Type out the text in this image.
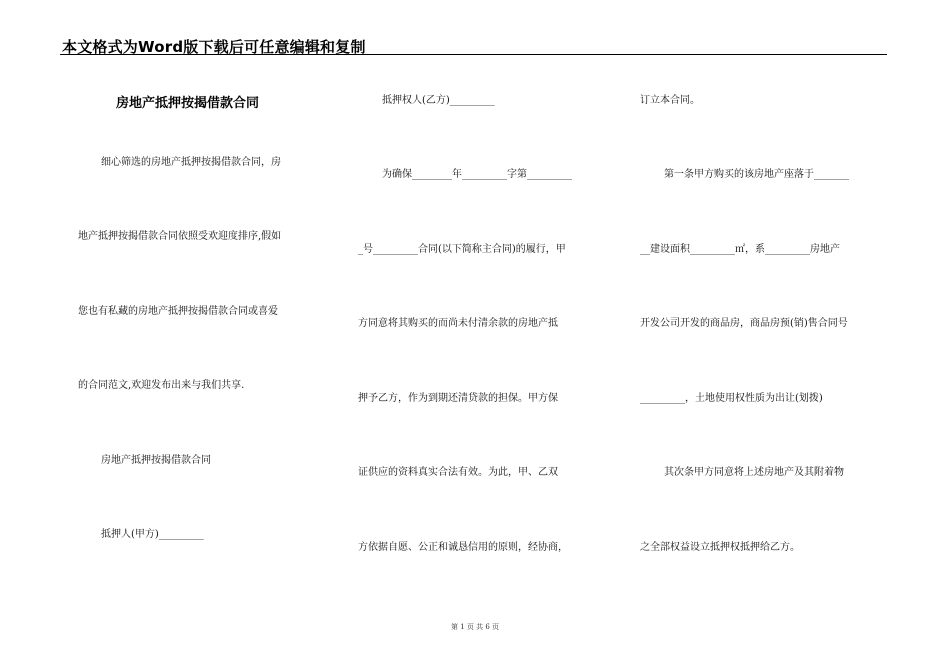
本文格式为Word版下载后可任意编辑和复制
房地产抵押按揭借款合同
细心筛选的房地产抵押按揭借款合同，房
地产抵押按揭借款合同依照受欢迎度排序,假如
您也有私藏的房地产抵押按揭借款合同或喜爱
的合同范文,欢迎发布出来与我们共享.
房地产抵押按揭借款合同
抵押人(甲方)_________
抵押权人(乙方)_________
为确保________年_________字第_________
_号_________合同(以下简称主合同)的履行，甲
方同意将其购买的而尚未付清余款的房地产抵
押予乙方，作为到期还清贷款的担保。甲方保
证供应的资料真实合法有效。为此，甲、乙双
方依据自愿、公正和诚恳信用的原则，经协商，
订立本合同。
第一条甲方购买的该房地产座落于_______
__建设面积_________㎡，系_________房地产
开发公司开发的商品房，商品房预(销)售合同号
_________，土地使用权性质为出让(划拨)
其次条甲方同意将上述房地产及其附着物
之全部权益设立抵押权抵押给乙方。
第 1 页 共 6 页
